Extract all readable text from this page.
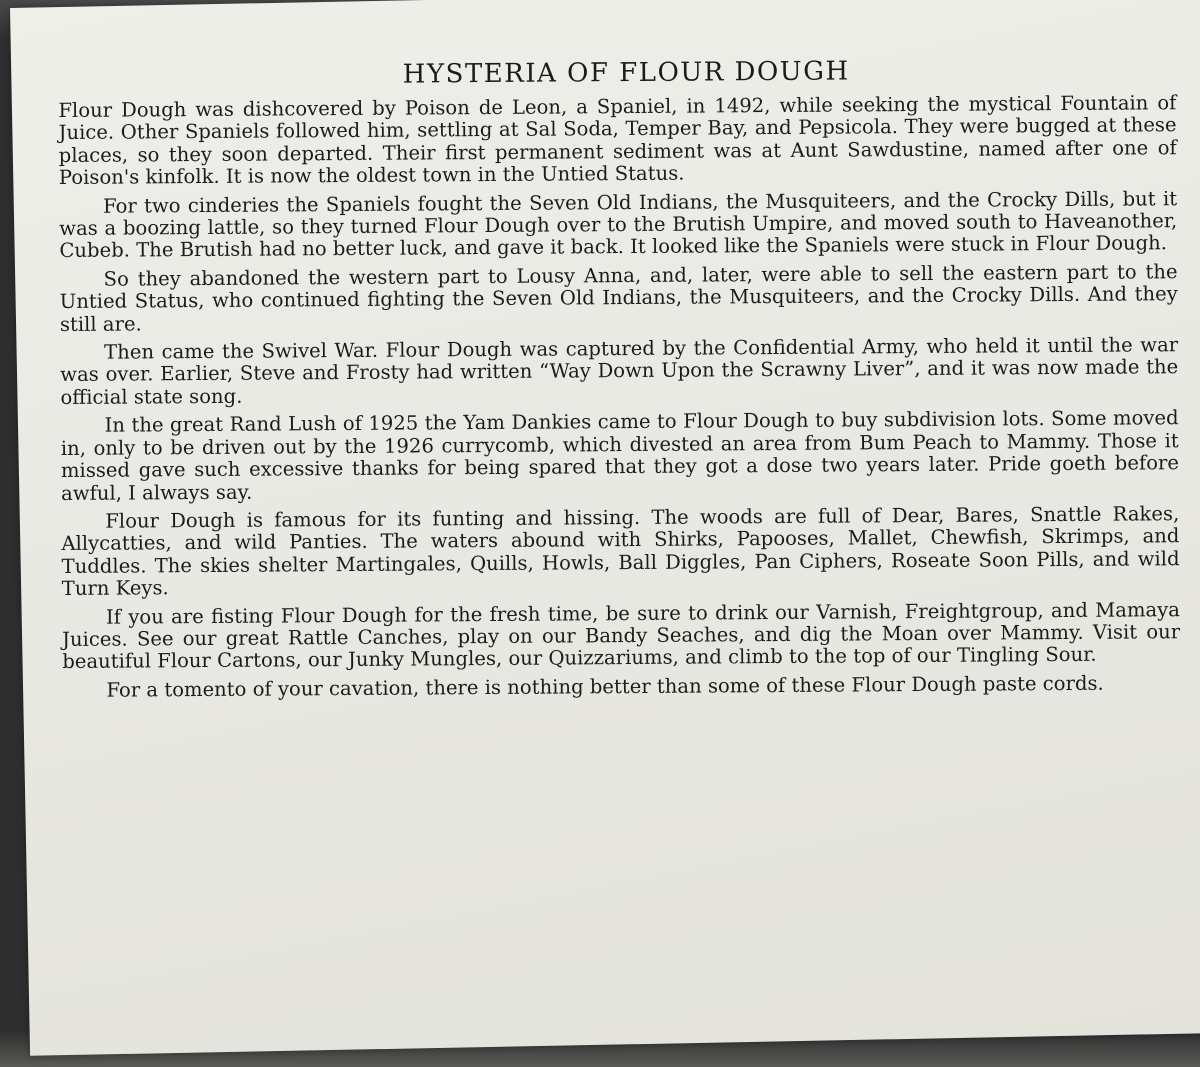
HYSTERIA OF FLOUR DOUGH

Flour Dough was dishcovered by Poison de Leon, a Spaniel, in 1492, while seeking the mystical Fountain of Juice. Other Spaniels followed him, settling at Sal Soda, Temper Bay, and Pepsicola. They were bugged at these places, so they soon departed. Their first permanent sediment was at Aunt Sawdustine, named after one of Poison's kinfolk. It is now the oldest town in the Untied Status.

For two cinderies the Spaniels fought the Seven Old Indians, the Musquiteers, and the Crocky Dills, but it was a boozing lattle, so they turned Flour Dough over to the Brutish Umpire, and moved south to Haveanother, Cubeb. The Brutish had no better luck, and gave it back. It looked like the Spaniels were stuck in Flour Dough.

So they abandoned the western part to Lousy Anna, and, later, were able to sell the eastern part to the Untied Status, who continued fighting the Seven Old Indians, the Musquiteers, and the Crocky Dills. And they still are.

Then came the Swivel War. Flour Dough was captured by the Confidential Army, who held it until the war was over. Earlier, Steve and Frosty had written “Way Down Upon the Scrawny Liver”, and it was now made the official state song.

In the great Rand Lush of 1925 the Yam Dankies came to Flour Dough to buy subdivision lots. Some moved in, only to be driven out by the 1926 currycomb, which divested an area from Bum Peach to Mammy. Those it missed gave such excessive thanks for being spared that they got a dose two years later. Pride goeth before awful, I always say.

Flour Dough is famous for its funting and hissing. The woods are full of Dear, Bares, Snattle Rakes, Allycatties, and wild Panties. The waters abound with Shirks, Papooses, Mallet, Chewfish, Skrimps, and Tuddles. The skies shelter Martingales, Quills, Howls, Ball Diggles, Pan Ciphers, Roseate Soon Pills, and wild Turn Keys.

If you are fisting Flour Dough for the fresh time, be sure to drink our Varnish, Freightgroup, and Mamaya Juices. See our great Rattle Canches, play on our Bandy Seaches, and dig the Moan over Mammy. Visit our beautiful Flour Cartons, our Junky Mungles, our Quizzariums, and climb to the top of our Tingling Sour.

For a tomento of your cavation, there is nothing better than some of these Flour Dough paste cords.
